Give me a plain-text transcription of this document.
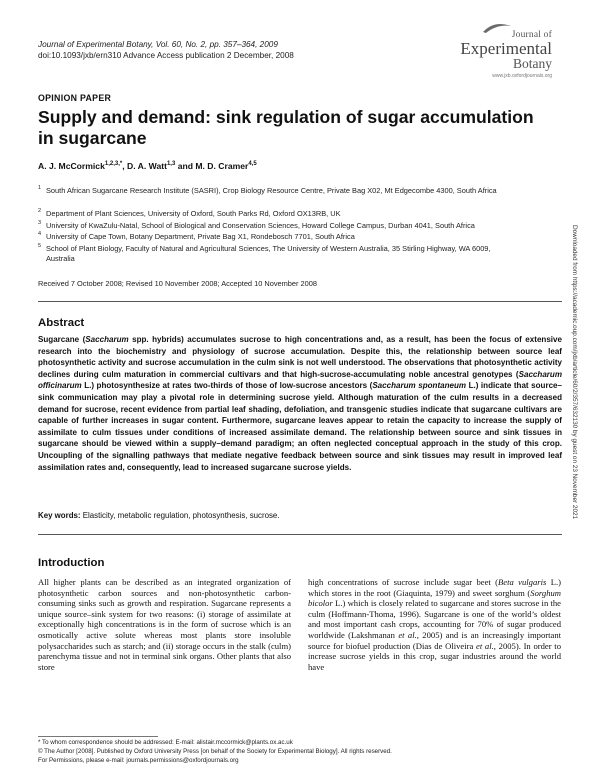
Journal of Experimental Botany, Vol. 60, No. 2, pp. 357–364, 2009
doi:10.1093/jxb/ern310 Advance Access publication 2 December, 2008
Journal of
Experimental
Botany
www.jxb.oxfordjournals.org
OPINION PAPER
Supply and demand: sink regulation of sugar accumulation in sugarcane
A. J. McCormick$^{1,2,3,*}$, D. A. Watt$^{1,3}$ and M. D. Cramer$^{4,5}$
1 South African Sugarcane Research Institute (SASRI), Crop Biology Resource Centre, Private Bag X02, Mt Edgecombe 4300, South Africa
2 Department of Plant Sciences, University of Oxford, South Parks Rd, Oxford OX13RB, UK
3 University of KwaZulu-Natal, School of Biological and Conservation Sciences, Howard College Campus, Durban 4041, South Africa
4 University of Cape Town, Botany Department, Private Bag X1, Rondebosch 7701, South Africa
5 School of Plant Biology, Faculty of Natural and Agricultural Sciences, The University of Western Australia, 35 Stirling Highway, WA 6009, Australia
Received 7 October 2008; Revised 10 November 2008; Accepted 10 November 2008
Abstract
Sugarcane (Saccharum spp. hybrids) accumulates sucrose to high concentrations and, as a result, has been the focus of extensive research into the biochemistry and physiology of sucrose accumulation. Despite this, the relationship between source leaf photosynthetic activity and sucrose accumulation in the culm sink is not well understood. The observations that photosynthetic activity declines during culm maturation in commercial cultivars and that high-sucrose-accumulating noble ancestral genotypes (Saccharum officinarum L.) photosynthesize at rates two-thirds of those of low-sucrose ancestors (Saccharum spontaneum L.) indicate that source–sink communication may play a pivotal role in determining sucrose yield. Although maturation of the culm results in a decreased demand for sucrose, recent evidence from partial leaf shading, defoliation, and transgenic studies indicate that sugarcane cultivars are capable of further increases in sugar content. Furthermore, sugarcane leaves appear to retain the capacity to increase the supply of assimilate to culm tissues under conditions of increased assimilate demand. The relationship between source and sink tissues in sugarcane should be viewed within a supply–demand paradigm; an often neglected conceptual approach in the study of this crop. Uncoupling of the signalling pathways that mediate negative feedback between source and sink tissues may result in improved leaf assimilation rates and, consequently, lead to increased sugarcane sucrose yields.
Key words: Elasticity, metabolic regulation, photosynthesis, sucrose.
Introduction
All higher plants can be described as an integrated organization of photosynthetic carbon sources and non-photosynthetic carbon-consuming sinks such as growth and respiration. Sugarcane represents a unique source–sink system for two reasons: (i) storage of assimilate at exceptionally high concentrations is in the form of sucrose which is an osmotically active solute whereas most plants store insoluble polysaccharides such as starch; and (ii) storage occurs in the stalk (culm) parenchyma tissue and not in terminal sink organs. Other plants that also store
high concentrations of sucrose include sugar beet (Beta vulgaris L.) which stores in the root (Giaquinta, 1979) and sweet sorghum (Sorghum bicolor L.) which is closely related to sugarcane and stores sucrose in the culm (Hoffmann-Thoma, 1996). Sugarcane is one of the world’s oldest and most important cash crops, accounting for 70% of sugar produced worldwide (Lakshmanan et al., 2005) and is an increasingly important source for biofuel production (Dias de Oliveira et al., 2005). In order to increase sucrose yields in this crop, sugar industries around the world have
* To whom correspondence should be addressed: E-mail: alistair.mccormick@plants.ox.ac.uk
© The Author [2008]. Published by Oxford University Press [on behalf of the Society for Experimental Biology]. All rights reserved.
For Permissions, please e-mail: journals.permissions@oxfordjournals.org
Downloaded from https://academic.oup.com/jxb/article/60/2/357/632130 by guest on 23 November 2021
